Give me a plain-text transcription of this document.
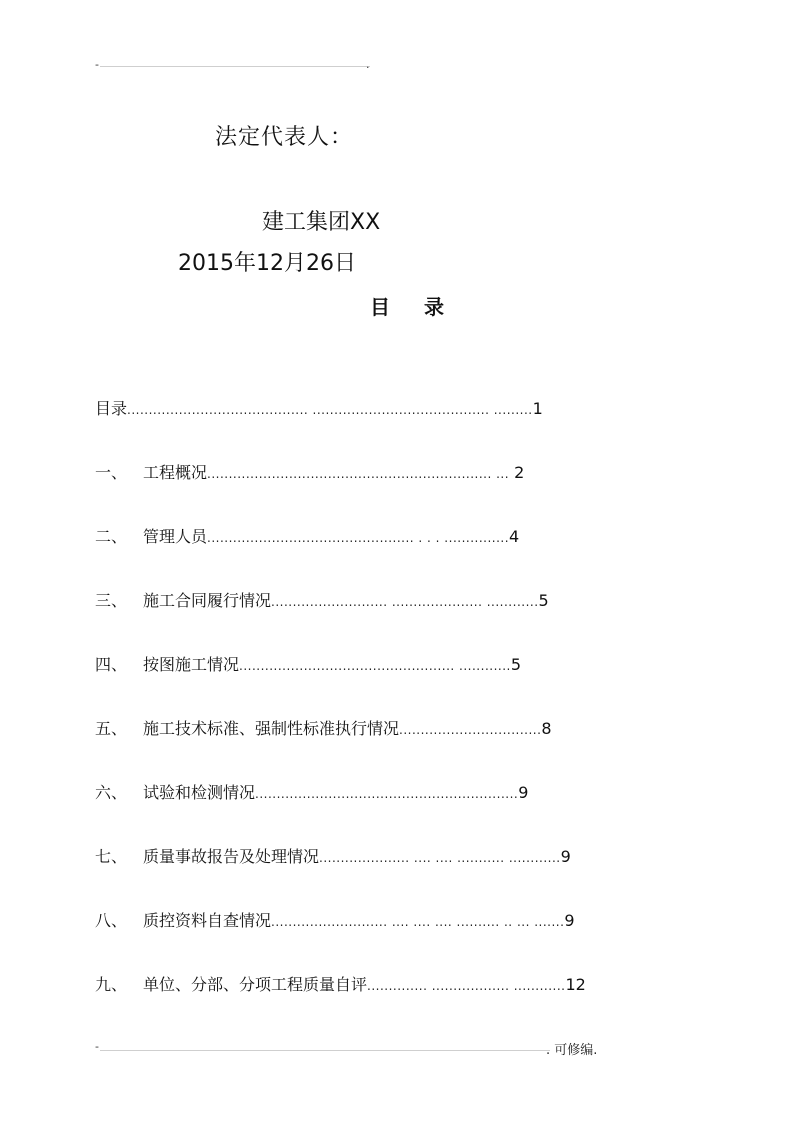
-	.
法定代表人：
建工集团XX
2015年12月26日
目录
目录.......................................... ......................................... .........1
一、 工程概况.................................................................. ... 2
二、 管理人员................................................ . . . ...............4
三、 施工合同履行情况........................... ..................... ............5
四、 按图施工情况.................................................. ............5
五、 施工技术标准、强制性标准执行情况.................................8
六、 试验和检测情况.............................................................9
七、 质量事故报告及处理情况..................... .... .... ........... ............9
八、 质控资料自查情况........................... .... .... .... .......... .. ... .......9
九、 单位、分部、分项工程质量自评.............. .................. ............12
-	. 可修编.
